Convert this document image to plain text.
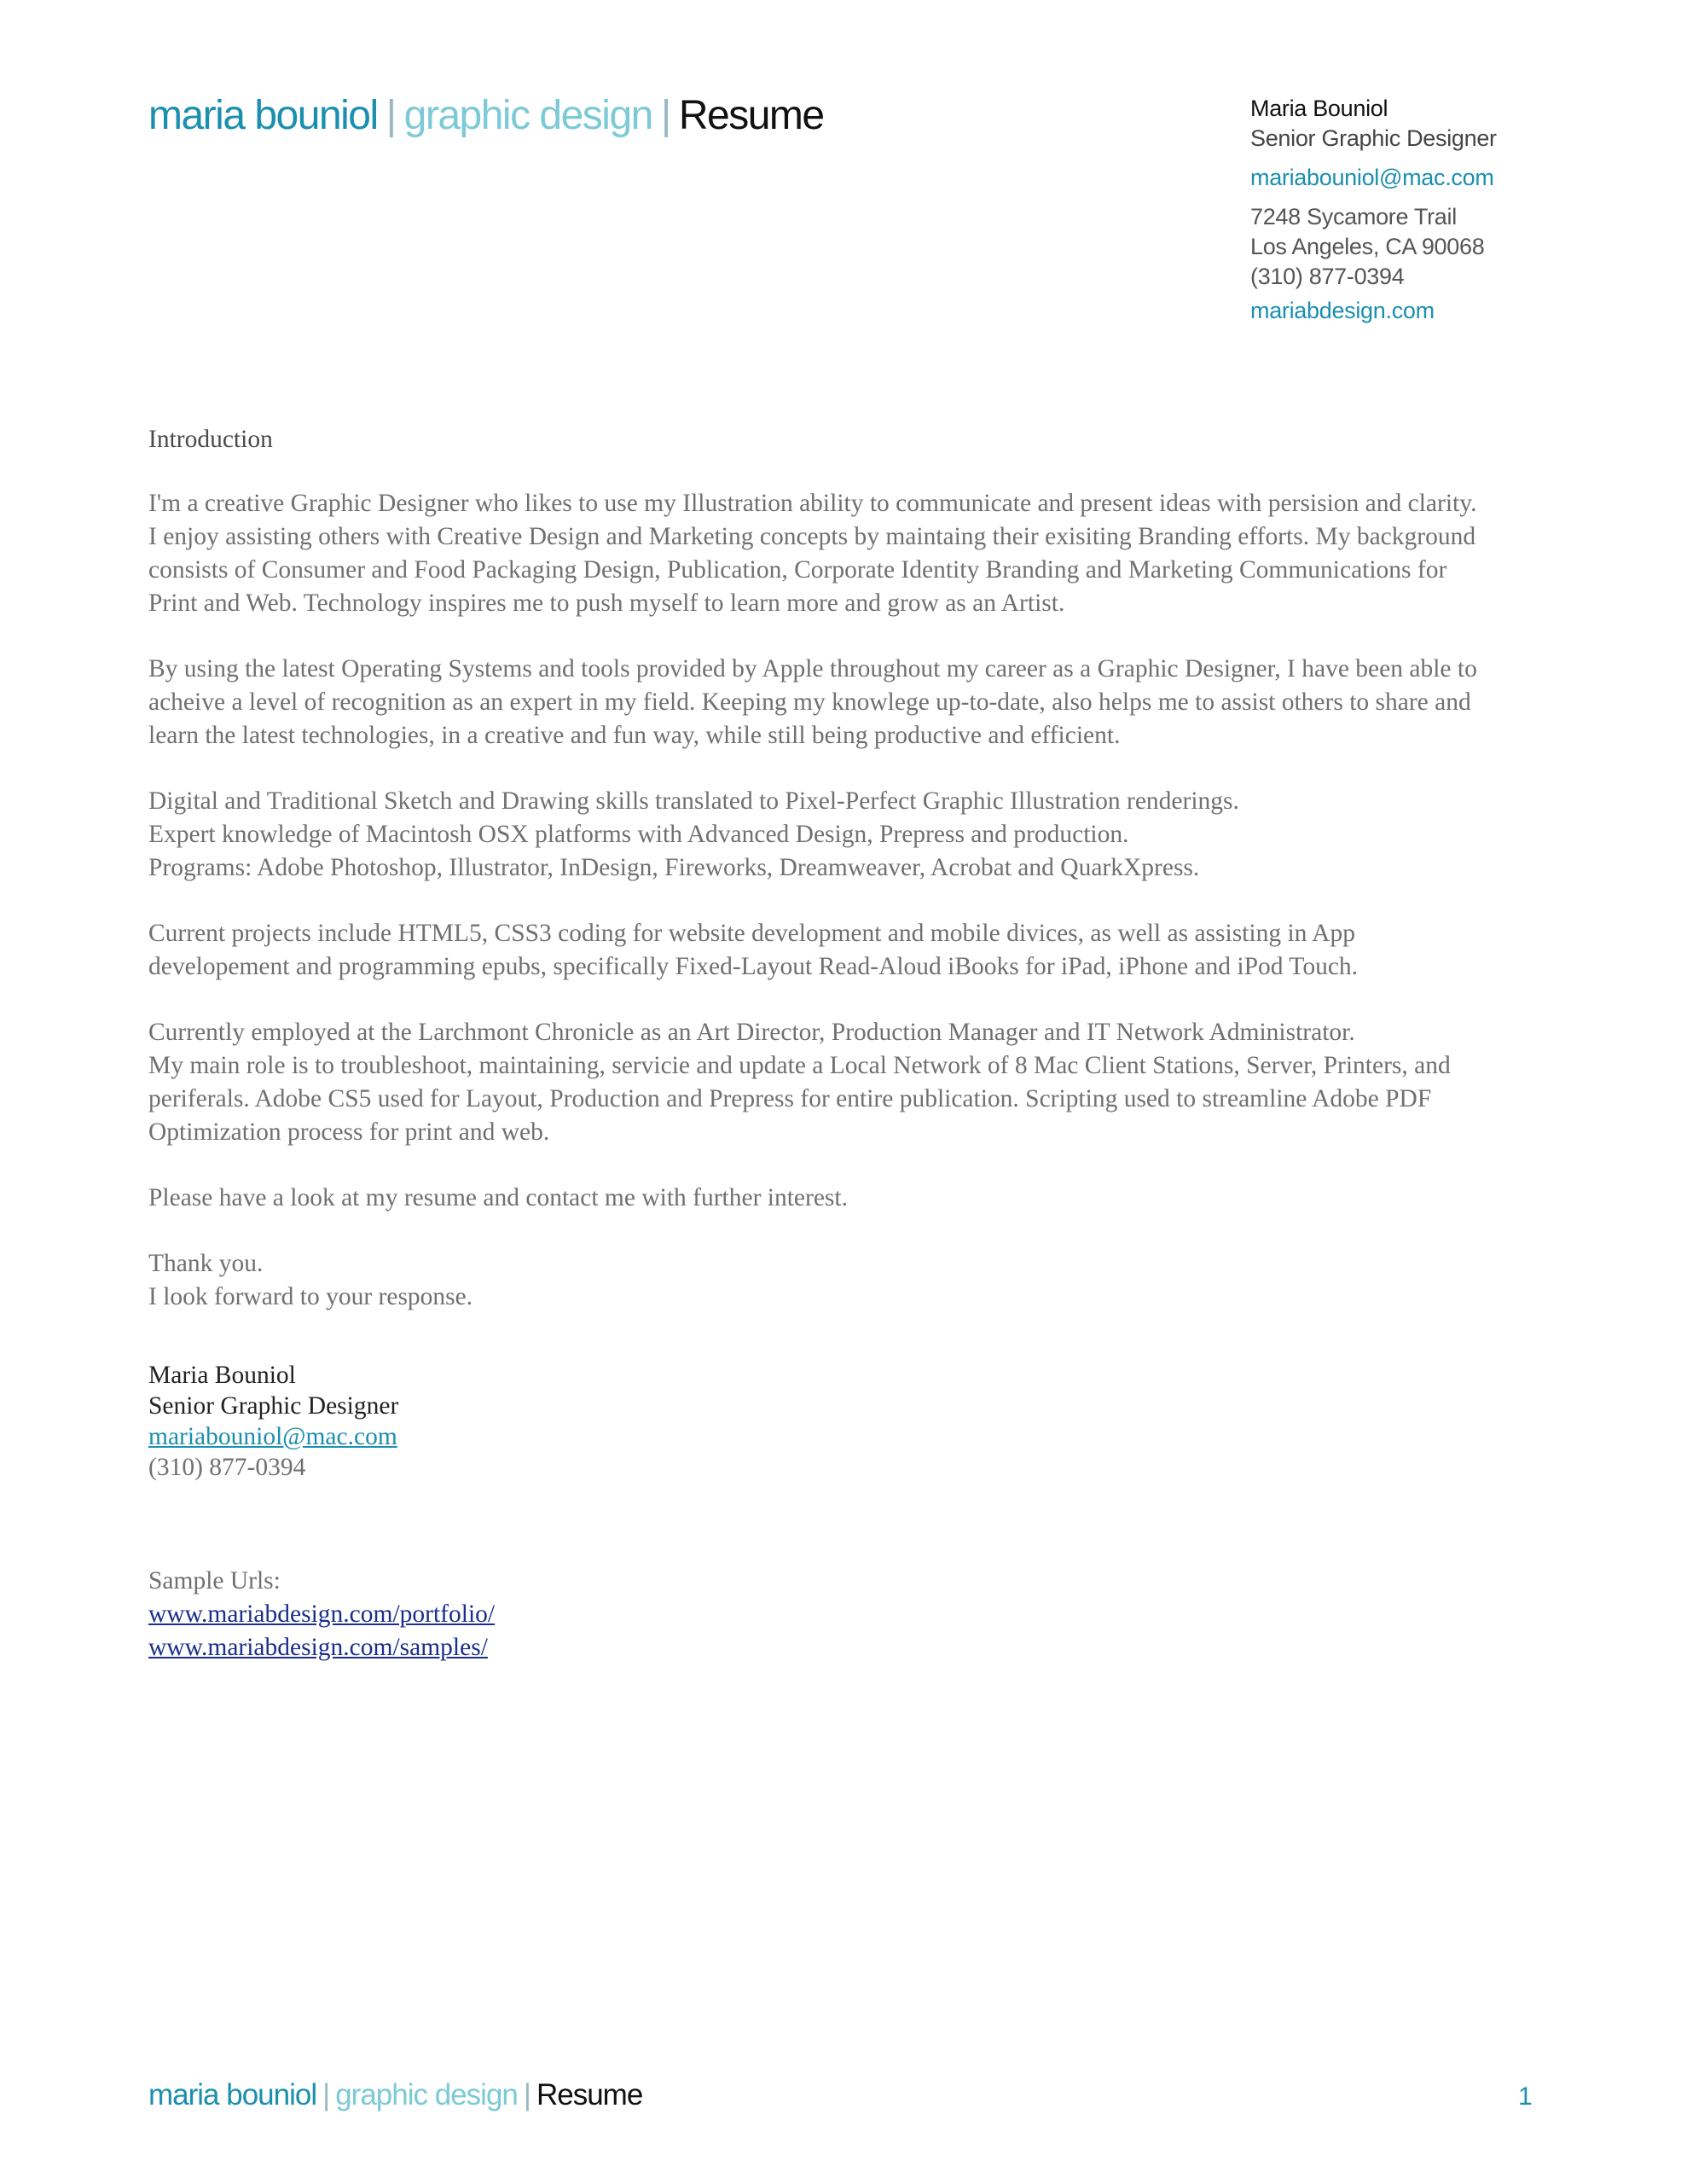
maria bouniol | graphic design | Resume	Maria Bouniol
Senior Graphic Designer
mariabouniol@mac.com
7248 Sycamore Trail
Los Angeles, CA 90068
(310) 877-0394
mariabdesign.com
Introduction

I'm a creative Graphic Designer who likes to use my Illustration ability to communicate and present ideas with persision and clarity.
I enjoy assisting others with Creative Design and Marketing concepts by maintaing their exisiting Branding efforts. My background
consists of Consumer and Food Packaging Design, Publication, Corporate Identity Branding and Marketing Communications for
Print and Web. Technology inspires me to push myself to learn more and grow as an Artist.

By using the latest Operating Systems and tools provided by Apple throughout my career as a Graphic Designer, I have been able to
acheive a level of recognition as an expert in my field. Keeping my knowlege up-to-date, also helps me to assist others to share and
learn the latest technologies, in a creative and fun way, while still being productive and efficient.

Digital and Traditional Sketch and Drawing skills translated to Pixel-Perfect Graphic Illustration renderings.
Expert knowledge of Macintosh OSX platforms with Advanced Design, Prepress and production.
Programs: Adobe Photoshop, Illustrator, InDesign, Fireworks, Dreamweaver, Acrobat and QuarkXpress.

Current projects include HTML5, CSS3 coding for website development and mobile divices, as well as assisting in App
developement and programming epubs, specifically Fixed-Layout Read-Aloud iBooks for iPad, iPhone and iPod Touch.

Currently employed at the Larchmont Chronicle as an Art Director, Production Manager and IT Network Administrator.
My main role is to troubleshoot, maintaining, servicie and update a Local Network of 8 Mac Client Stations, Server, Printers, and
periferals. Adobe CS5 used for Layout, Production and Prepress for entire publication. Scripting used to streamline Adobe PDF
Optimization process for print and web.

Please have a look at my resume and contact me with further interest.

Thank you.
I look forward to your response.

Maria Bouniol
Senior Graphic Designer
mariabouniol@mac.com
(310) 877-0394
Sample Urls:
www.mariabdesign.com/portfolio/
www.mariabdesign.com/samples/
maria bouniol | graphic design | Resume	1
